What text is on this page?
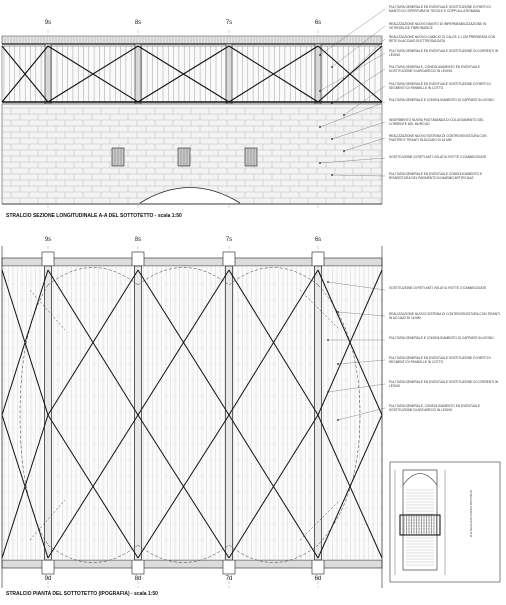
9s	8s	7s	6s
9s	8s	7s	6s
9d	8d	7d	6d
STRALCIO SEZIONE LONGITUDINALE A-A DEL SOTTOTETTO - scala 1:50
STRALCIO PIANTA DEL SOTTOTETTO (IPOGRAFIA) - scala 1:50
PULITURA GENERALE ED EVENTUALE SOSTITUZIONE DI PARTI DI MANTO DI COPERTURA IN TEGOLE E COPPI ALLA ROMANA
REALIZZAZIONE NUOVO MANTO DI IMPERMEABILIZZAZIONE IN VETROSILICE FIBRORADICE
REALIZZAZIONE NUOVO CAMICIO DI CALCE 1:1 CM PREPARATA CON RETE IN ACCIAIO ELETTROSALDATA
PULITURA GENERALE ED EVENTUALE SOSTITUZIONE DI CORRENTI IN LEGNO
PULITURA GENERALE, CONSOLIDAMENTO ED EVENTUALE SOSTITUZIONE DI ARCARECCI IN LEGNO
PULITURA GENERALE ED EVENTUALE SOSTITUZIONE DI PARTI DI SEGMENTI DI PANNELLE IN COTTO
PULITURA GENERALE E CONSOLIDAMENTO DI CAPRIATE IN LEGNO
INSERIMENTO NUOVA PIATTABANDA DI COLLEGAMENTO DEL CORRENTE DEL MURO AD
REALIZZAZIONE NUOVO SISTEMA DI CONTROVENTATURA CON PIASTRE E TIRANTI IN ACCIAIO DI 16 MM
SOSTITUZIONE DI RETI ANTI VOLATILI ROTTE O DANNEGGIATE
PULITURA GENERALE ED EVENTUALE CONSOLIDAMENTO E RISARCITURA DEL PAVIMENTO IN MARMO ARTIFICIALE
SOSTITUZIONE DI RETI ANTI VOLATILI ROTTE O DANNEGGIATE
REALIZZAZIONE NUOVO SISTEMA DI CONTROVENTATURA CON TIRANTI IN ACCIAIO DI 16 MM
PULITURA GENERALE E CONSOLIDAMENTO DI CAPRIATE IN LEGNO
PULITURA GENERALE ED EVENTUALE SOSTITUZIONE DI PARTI DI SEGMENTI DI PANNELLE IN COTTO
PULITURA GENERALE ED EVENTUALE SOSTITUZIONE DI CORRENTI IN LEGNO
PULITURA GENERALE, CONSOLIDAMENTO ED EVENTUALE SOSTITUZIONE DI ARCARECCI IN LEGNO
STRALCIO PIANTA SOTTOTETTO
